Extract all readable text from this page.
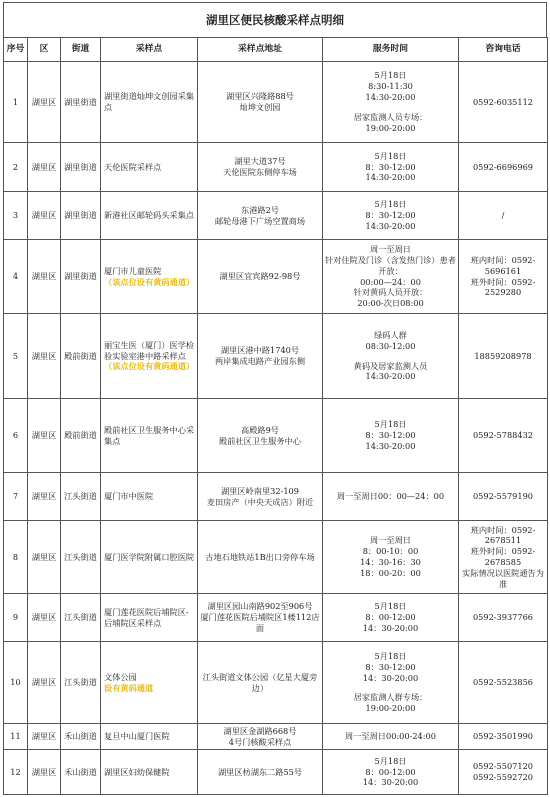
湖里区便民核酸采样点明细
序号	区	街道	采样点	采样点地址	服务时间	咨询电话
1	湖里区	湖里街道	湖里街道灿坤文创园采集点	湖里区兴隆路88号
灿坤文创园	5月18日
8:30-11:30
14:30-20:00
居家监测人员专场：
19:00-20:00	0592-6035112

2	湖里区	湖里街道	天伦医院采样点	湖里大道37号
天伦医院东侧停车场	5月18日
8：30-12:00
14:30-20:00	0592-6696969

3	湖里区	湖里街道	新港社区邮轮码头采集点	东港路2号
邮轮母港下广场空置商场	5月18日
8：30-12:00
14:30-20:00	/

4	湖里区	湖里街道	厦门市儿童医院
（该点位设有黄码通道）	湖里区宜宾路92-98号	周一至周日
针对住院及门诊（含发热门诊）患者开放：
00:00—24：00
针对黄码人员开放：
20:00-次日08:00	班内时间：0592-5696161
班外时间：0592-2529280

5	湖里区	殿前街道	丽宝生医（厦门）医学检验实验室港中路采样点
（该点位设有黄码通道）	湖里区港中路1740号
两岸集成电路产业园东侧	绿码人群
08:30-12:00
黄码及居家监测人员
14:30-20:00	18859208978

6	湖里区	殿前街道	殿前社区卫生服务中心采集点	高殿路9号
殿前社区卫生服务中心	5月18日
8：30-12:00
14:30-20:00	0592-5788432

7	湖里区	江头街道	厦门市中医院	湖里区岭南里32-109
麦田房产（中央天成店）附近	周一至周日00：00—24：00	0592-5579190

8	湖里区	江头街道	厦门医学院附属口腔医院	古地石地铁站1B出口旁停车场	周一至周日
8：00-10：00
14：30-16：30
18：00-20：00	班内时间：0592-2678511
班外时间：0592-2678585
实际情况以医院通告为准

9	湖里区	江头街道	厦门莲花医院后埔院区-后埔院区采样点	湖里区园山南路902至906号
厦门莲花医院后埔院区1楼112店面	5月18日
8：00-12:00
14：30-20:00	0592-3937766

10	湖里区	江头街道	文体公园
设有黄码通道	江头街道文体公园（亿星大厦旁边）	5月18日
8：30-12:00
14：30-20:00
居家监测人群专场：
19:00-20:00	0592-5523856

11	湖里区	禾山街道	复旦中山厦门医院	湖里区金湖路668号
4号门核酸采样点	周一至周日00:00-24:00	0592-3501990

12	湖里区	禾山街道	湖里区妇幼保健院	湖里区枋湖东二路55号	5月18日
8：00-12:00
14：30-20:00	0592-5507120
0592-5592720
